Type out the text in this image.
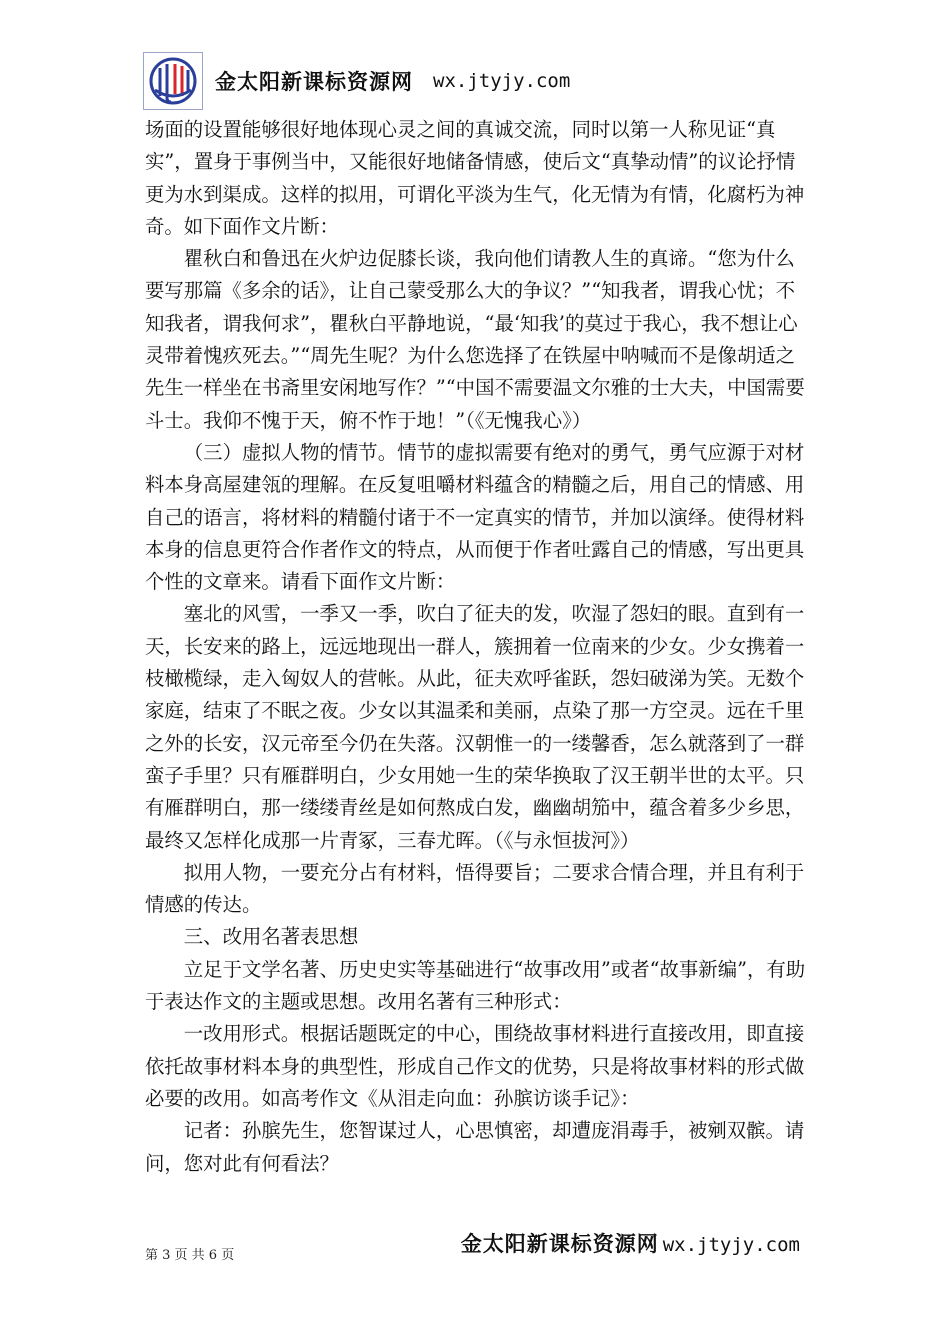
金太阳新课标资源网 wx.jtyjy.com

场面的设置能够很好地体现心灵之间的真诚交流，同时以第一人称见证“真实”，置身于事例当中，又能很好地储备情感，使后文“真挚动情”的议论抒情更为水到渠成。这样的拟用，可谓化平淡为生气，化无情为有情，化腐朽为神奇。如下面作文片断：

瞿秋白和鲁迅在火炉边促膝长谈，我向他们请教人生的真谛。“您为什么要写那篇《多余的话》，让自己蒙受那么大的争议？”“知我者，谓我心忧；不知我者，谓我何求”，瞿秋白平静地说，“最‘知我’的莫过于我心，我不想让心灵带着愧疚死去。”“周先生呢？为什么您选择了在铁屋中呐喊而不是像胡适之先生一样坐在书斋里安闲地写作？”“中国不需要温文尔雅的士大夫，中国需要斗士。我仰不愧于天，俯不怍于地！”（《无愧我心》）

（三）虚拟人物的情节。情节的虚拟需要有绝对的勇气，勇气应源于对材料本身高屋建瓴的理解。在反复咀嚼材料蕴含的精髓之后，用自己的情感、用自己的语言，将材料的精髓付诸于不一定真实的情节，并加以演绎。使得材料本身的信息更符合作者作文的特点，从而便于作者吐露自己的情感，写出更具个性的文章来。请看下面作文片断：

塞北的风雪，一季又一季，吹白了征夫的发，吹湿了怨妇的眼。直到有一天，长安来的路上，远远地现出一群人，簇拥着一位南来的少女。少女携着一枝橄榄绿，走入匈奴人的营帐。从此，征夫欢呼雀跃，怨妇破涕为笑。无数个家庭，结束了不眠之夜。少女以其温柔和美丽，点染了那一方空灵。远在千里之外的长安，汉元帝至今仍在失落。汉朝惟一的一缕馨香，怎么就落到了一群蛮子手里？只有雁群明白，少女用她一生的荣华换取了汉王朝半世的太平。只有雁群明白，那一缕缕青丝是如何熬成白发，幽幽胡笳中，蕴含着多少乡思，最终又怎样化成那一片青冢，三春尤晖。（《与永恒拔河》）

拟用人物，一要充分占有材料，悟得要旨；二要求合情合理，并且有利于情感的传达。

三、改用名著表思想

立足于文学名著、历史史实等基础进行“故事改用”或者“故事新编”，有助于表达作文的主题或思想。改用名著有三种形式：

一改用形式。根据话题既定的中心，围绕故事材料进行直接改用，即直接依托故事材料本身的典型性，形成自己作文的优势，只是将故事材料的形式做必要的改用。如高考作文《从泪走向血：孙膑访谈手记》：

记者：孙膑先生，您智谋过人，心思慎密，却遭庞涓毒手，被剜双髌。请问，您对此有何看法？

第 3 页 共 6 页	金太阳新课标资源网 wx.jtyjy.com
